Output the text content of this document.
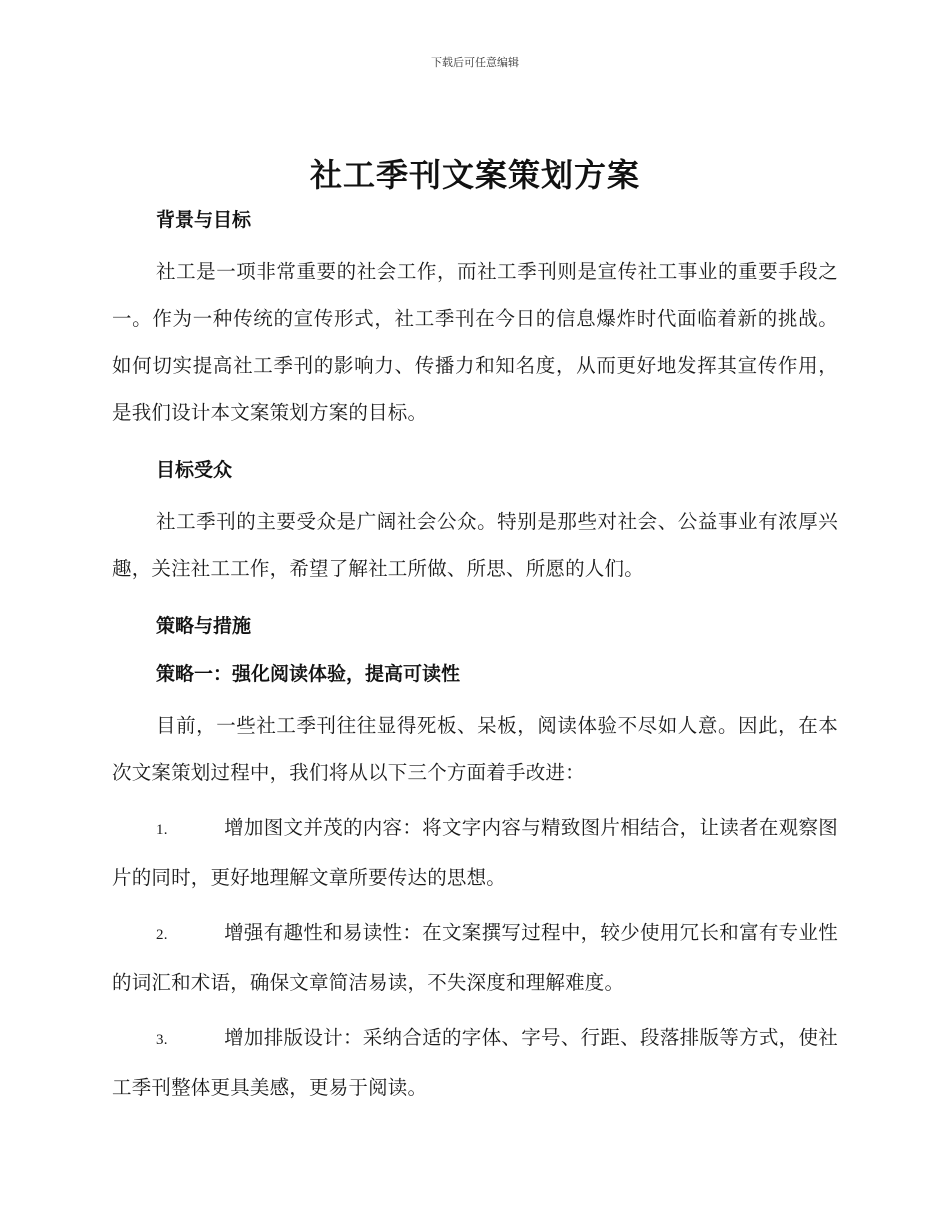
下载后可任意编辑
社工季刊文案策划方案

背景与目标

社工是一项非常重要的社会工作，而社工季刊则是宣传社工事业的重要手段之一。作为一种传统的宣传形式，社工季刊在今日的信息爆炸时代面临着新的挑战。如何切实提高社工季刊的影响力、传播力和知名度，从而更好地发挥其宣传作用，是我们设计本文案策划方案的目标。

目标受众

社工季刊的主要受众是广阔社会公众。特别是那些对社会、公益事业有浓厚兴趣，关注社工工作，希望了解社工所做、所思、所愿的人们。

策略与措施

策略一：强化阅读体验，提高可读性

目前，一些社工季刊往往显得死板、呆板，阅读体验不尽如人意。因此，在本次文案策划过程中，我们将从以下三个方面着手改进：

1.	增加图文并茂的内容：将文字内容与精致图片相结合，让读者在观察图片的同时，更好地理解文章所要传达的思想。

2.	增强有趣性和易读性：在文案撰写过程中，较少使用冗长和富有专业性的词汇和术语，确保文章简洁易读，不失深度和理解难度。

3.	增加排版设计：采纳合适的字体、字号、行距、段落排版等方式，使社工季刊整体更具美感，更易于阅读。
